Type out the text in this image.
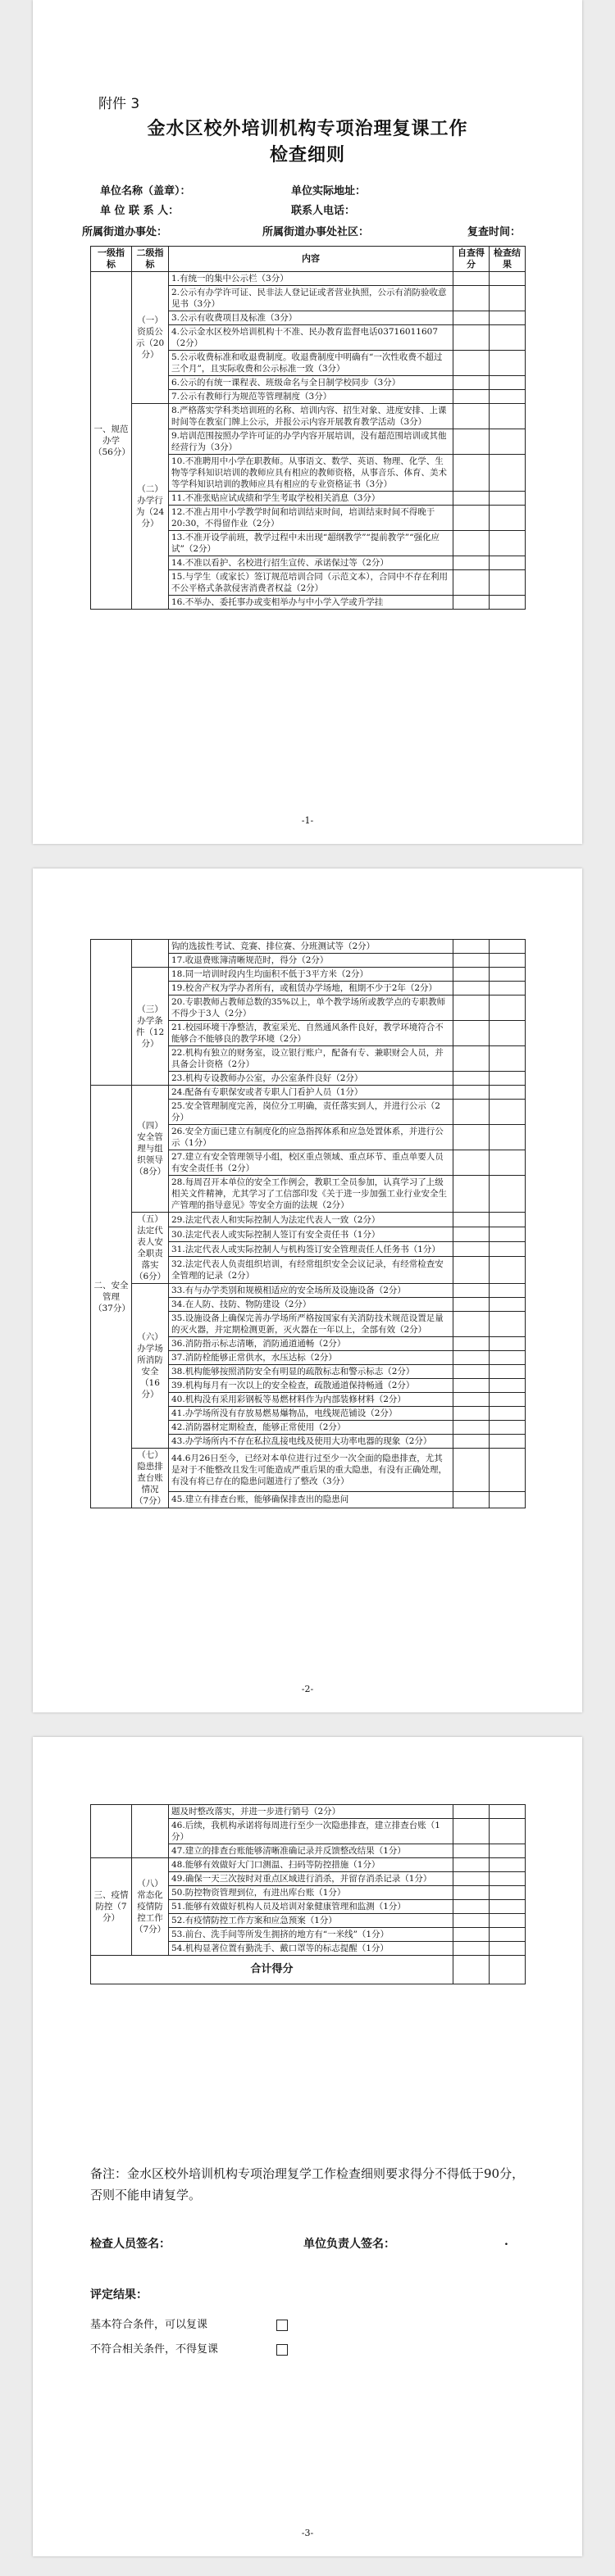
附件 3
金水区校外培训机构专项治理复课工作
检查细则
单位名称（盖章）：	单位实际地址：
单 位 联 系 人：	联系人电话：
所属街道办事处：	所属街道办事处社区：	复查时间：
一级指标	二级指标	内容	自查得分	检查结果
一、规范办学（56分）	（一）资质公示（20分）	1.有统一的集中公示栏（3分）		
		2.公示有办学许可证、民非法人登记证或者营业执照，公示有消防验收意见书（3分）		
		3.公示有收费项目及标准（3分）		
		4.公示金水区校外培训机构十不准、民办教育监督电话03716011607（2分）		
		5.公示收费标准和收退费制度。收退费制度中明确有“一次性收费不超过三个月”，且实际收费和公示标准一致（3分）		
		6.公示的有统一课程表、班级命名与全日制学校同步（3分）		
		7.公示有教师行为规范等管理制度（3分）		
	（二）办学行为（24分）	8.严格落实学科类培训班的名称、培训内容、招生对象、进度安排、上课时间等在教室门牌上公示，并报公示内容开展教育教学活动（3分）		
		9.培训范围按照办学许可证的办学内容开展培训，没有超范围培训或其他经营行为（3分）		
		10.不准聘用中小学在职教师。从事语文、数学、英语、物理、化学、生物等学科知识培训的教师应具有相应的教师资格，从事音乐、体育、美术等学科知识培训的教师应具有相应的专业资格证书（3分）		
		11.不准张贴应试成绩和学生考取学校相关消息（3分）		
		12.不准占用中小学教学时间和培训结束时间，培训结束时间不得晚于20:30，不得留作业（2分）		
		13.不准开设学前班，教学过程中未出现“超纲教学”“提前教学”“强化应试”（2分）		
		14.不准以看护、名校进行招生宣传、承诺保过等（2分）		
		15.与学生（或家长）签订规范培训合同（示范文本），合同中不存在利用不公平格式条款侵害消费者权益（2分）		
		16.不举办、委托事办或变相举办与中小学入学或升学挂		
-1-
		钩的选拔性考试、竞赛、排位赛、分班测试等（2分）		
		17.收退费账簿清晰规范时，得分（2分）		
	（三）办学条件（12分）	18.同一培训时段内生均面积不低于3平方米（2分）		
		19.校舍产权为学办者所有，或租赁办学场地，租期不少于2年（2分）		
		20.专职教师占教师总数的35%以上，单个教学场所或教学点的专职教师不得少于3人（2分）		
		21.校园环境干净整洁，教室采光、自然通风条件良好，教学环境符合不能够合不能够良的教学环境（2分）		
		22.机构有独立的财务室，设立银行账户，配备有专、兼职财会人员，并具备会计资格（2分）		
		23.机构专设教师办公室，办公室条件良好（2分）		
二、安全管理（37分）	（四）安全管理与组织领导（8分）	24.配备有专职保安或者专职人门看护人员（1分）		
		25.安全管理制度完善，岗位分工明确，责任落实到人，并进行公示（2分）		
		26.安全方面已建立有制度化的应急指挥体系和应急处置体系，并进行公示（1分）		
		27.建立有安全管理领导小组，校区重点领域、重点环节、重点单要人员有安全责任书（2分）		
		28.每周召开本单位的安全工作例会，教职工全员参加，认真学习了上级相关文件精神，尤其学习了工信部印发《关于进一步加强工业行业安全生产管理的指导意见》等安全方面的法规（2分）		
	（五）法定代表人安全职责落实（6分）	29.法定代表人和实际控制人为法定代表人一致（2分）		
		30.法定代表人或实际控制人签订有安全责任书（1分）		
		31.法定代表人或实际控制人与机构签订安全管理责任人任务书（1分）		
		32.法定代表人负责组织培训，有经常组织安全会议记录，有经常检查安全管理的记录（2分）		
	（六）办学场所消防安全（16分）	33.有与办学类别和规模相适应的安全场所及设施设备（2分）		
		34.在人防、技防、物防建设（2分）		
		35.设施设备上确保完善办学场所严格按国家有关消防技术规范设置足量的灭火器，并定期检测更新，灭火器在一年以上，全部有效（2分）		
		36.消防指示标志清晰，消防通道通畅（2分）		
		37.消防栓能够正常供水，水压达标（2分）		
		38.机构能够按照消防安全有明显的疏散标志和警示标志（2分）		
		39.机构每月有一次以上的安全检查，疏散通道保持畅通（2分）		
		40.机构没有采用彩钢板等易燃材料作为内部装修材料（2分）		
		41.办学场所没有存放易燃易爆物品，电线规范铺设（2分）		
		42.消防器材定期检查，能够正常使用（2分）		
		43.办学场所内不存在私拉乱接电线及使用大功率电器的现象（2分）		
	（七）隐患排查台账情况（7分）	44.6月26日至今，已经对本单位进行过至少一次全面的隐患排查，尤其是对于不能整改且发生可能造成严重后果的重大隐患，有没有正确处理，有没有将已存在的隐患问题进行了整改（3分）		
		45.建立有排查台账，能够确保排查出的隐患问		
-2-
		题及时整改落实，并进一步进行销号（2分）		
		46.后续，我机构承诺将每周进行至少一次隐患排查，建立排查台账（1分）		
		47.建立的排查台账能够清晰准确记录并反馈整改结果（1分）		
三、疫情防控（7分）	（八）常态化疫情防控工作（7分）	48.能够有效做好大门口测温、扫码等防控措施（1分）		
		49.确保一天三次按时对重点区域进行消杀，并留存消杀记录（1分）		
		50.防控物资管理到位，有进出库台账（1分）		
		51.能够有效做好机构人员及培训对象健康管理和监测（1分）		
		52.有疫情防控工作方案和应急预案（1分）		
		53.前台、洗手间等所发生拥挤的地方有“一米线”（1分）		
		54.机构显著位置有勤洗手、戴口罩等的标志提醒（1分）		
合计得分				
备注：金水区校外培训机构专项治理复学工作检查细则要求得分不得低于90分，否则不能申请复学。
检查人员签名：	单位负责人签名：	.
评定结果：
基本符合条件，可以复课
不符合相关条件，不得复课
-3-
